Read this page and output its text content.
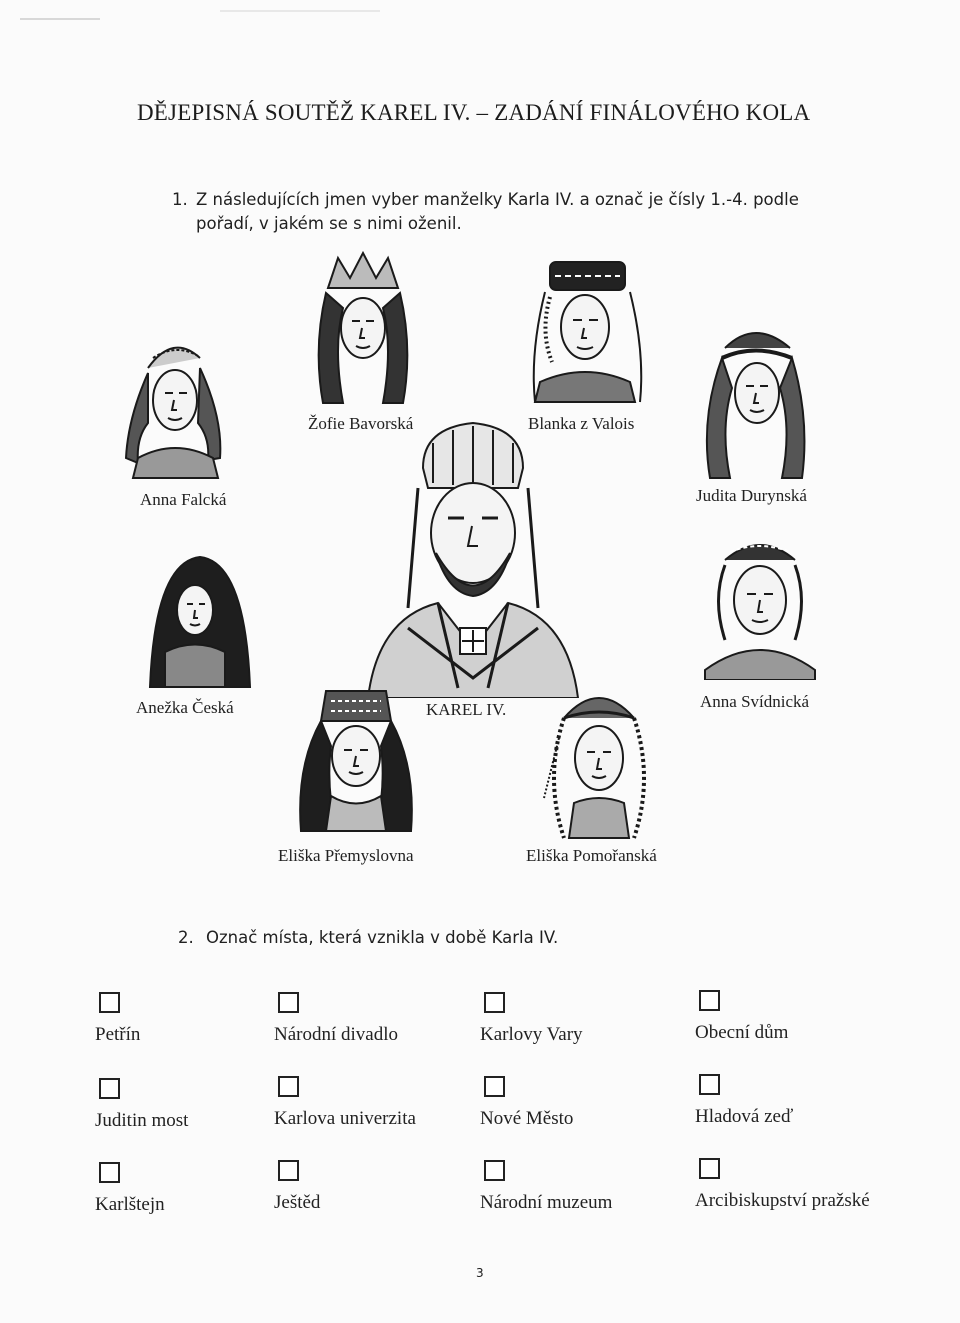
DĚJEPISNÁ SOUTĚŽ KAREL IV. – ZADÁNÍ FINÁLOVÉHO KOLA
1. Z následujících jmen vyber manželky Karla IV. a označ je čísly 1.-4. podle pořadí, v jakém se s nimi oženil.
Anna Falcká
Žofie Bavorská	Blanka z Valois
Judita Durynská
KAREL IV.
Anežka Česká	Anna Svídnická
Eliška Přemyslovna	Eliška Pomořanská
2. Označ místa, která vznikla v době Karla IV.
Petřín	Národní divadlo	Karlovy Vary	Obecní dům
Juditin most	Karlova univerzita	Nové Město	Hladová zeď
Karlštejn	Ještěd	Národní muzeum	Arcibiskupství pražské
3
